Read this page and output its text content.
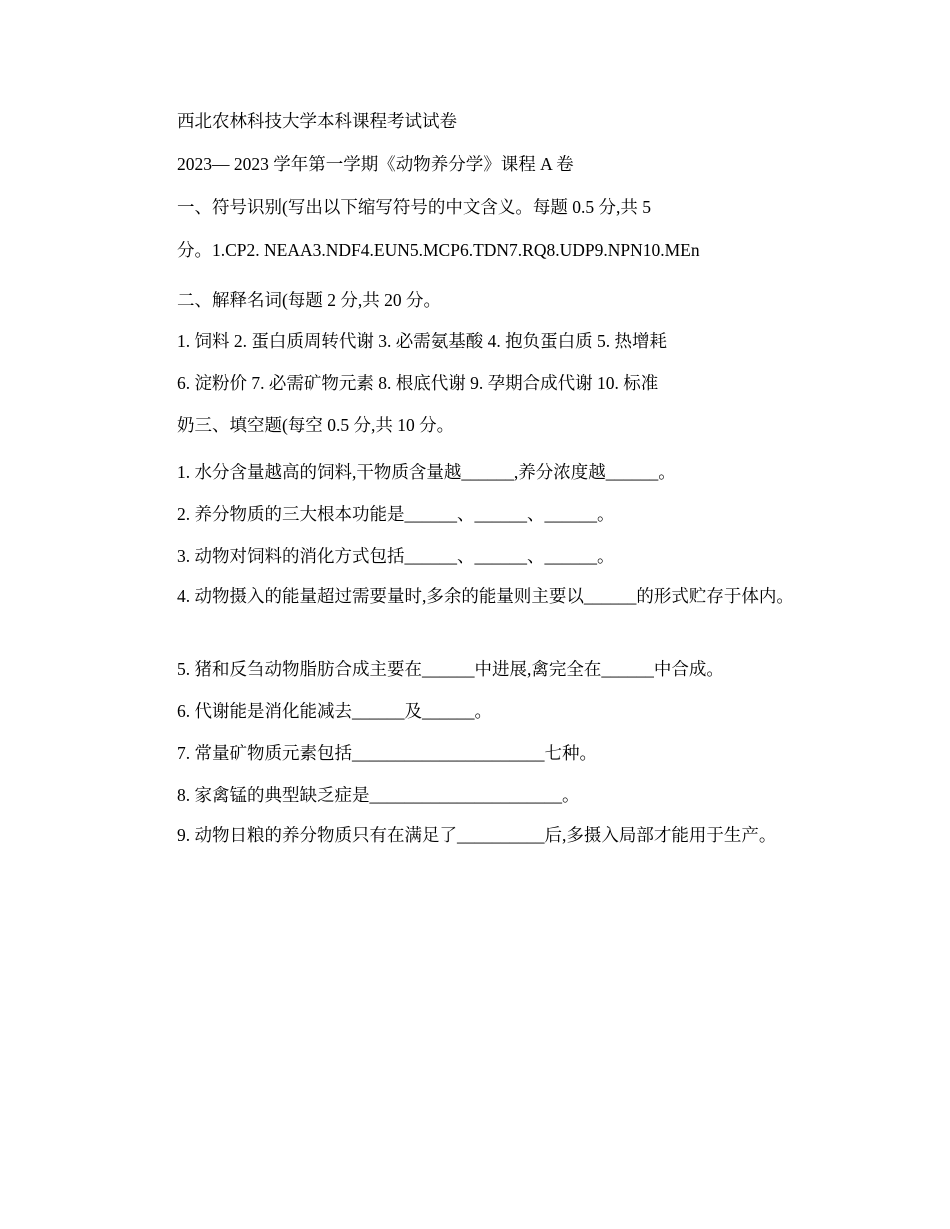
西北农林科技大学本科课程考试试卷
2023— 2023 学年第一学期《动物养分学》课程 A 卷
一、符号识别(写出以下缩写符号的中文含义。每题 0.5 分,共 5
分。1.CP2. NEAA3.NDF4.EUN5.MCP6.TDN7.RQ8.UDP9.NPN10.MEn
二、解释名词(每题 2 分,共 20 分。
1. 饲料 2. 蛋白质周转代谢 3. 必需氨基酸 4. 抱负蛋白质 5. 热增耗
6. 淀粉价 7. 必需矿物元素 8. 根底代谢 9. 孕期合成代谢 10. 标准
奶三、填空题(每空 0.5 分,共 10 分。
1. 水分含量越高的饲料,干物质含量越______,养分浓度越______。
2. 养分物质的三大根本功能是______、______、______。
3. 动物对饲料的消化方式包括______、______、______。
4. 动物摄入的能量超过需要量时,多余的能量则主要以______的形式贮存于体内。
5. 猪和反刍动物脂肪合成主要在______中进展,禽完全在______中合成。
6. 代谢能是消化能减去______及______。
7. 常量矿物质元素包括______________________七种。
8. 家禽锰的典型缺乏症是______________________。
9. 动物日粮的养分物质只有在满足了__________后,多摄入局部才能用于生产。
